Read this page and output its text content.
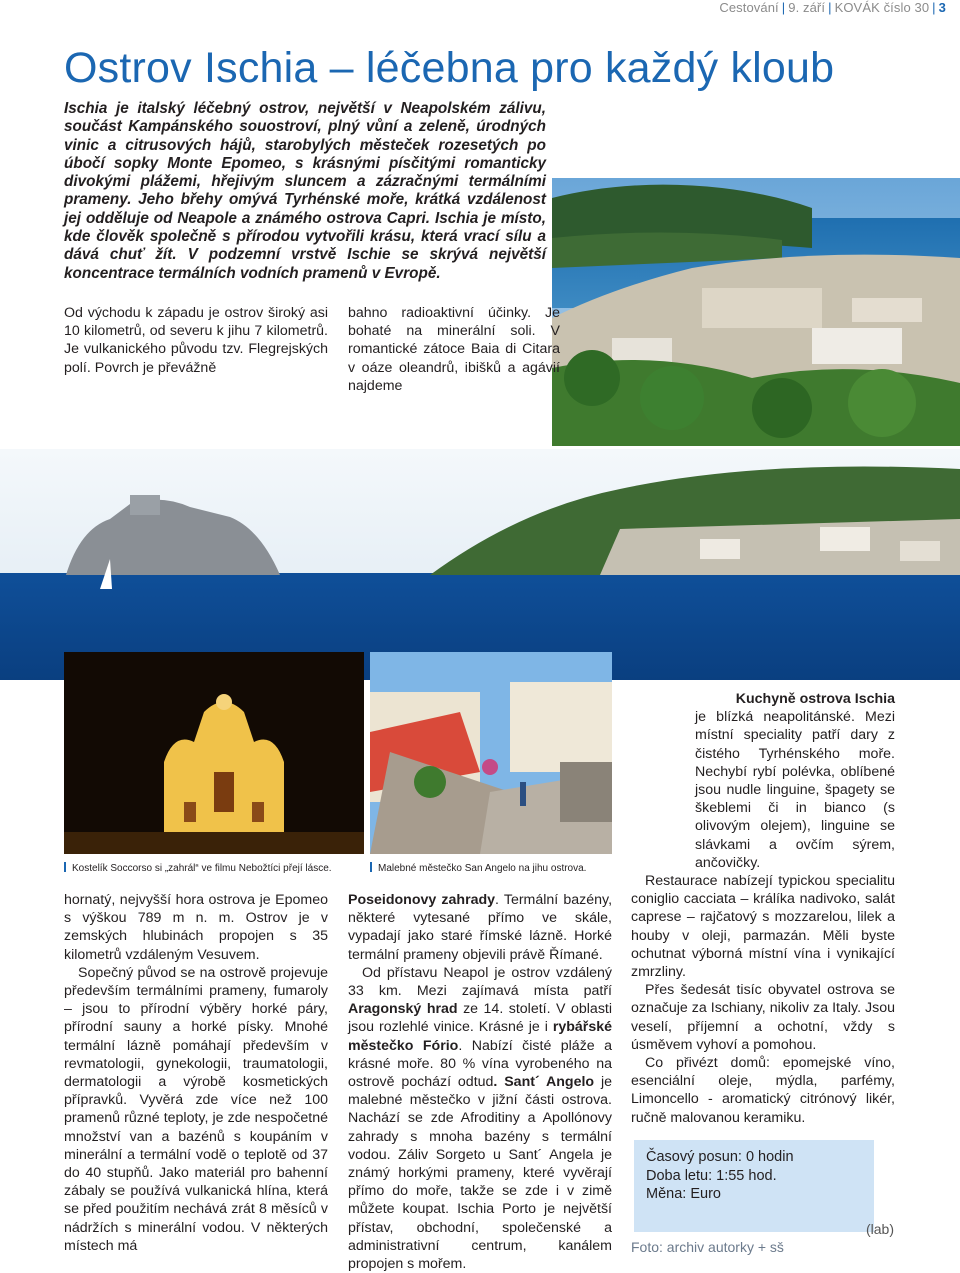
Cestování | 9. září | KOVÁK číslo 30 | 3
Ostrov Ischia – léčebna pro každý kloub

Ischia je italský léčebný ostrov, největší v Neapolském zálivu, součást Kampánského souostroví, plný vůní a zeleně, úrodných vinic a citrusových hájů, starobylých městeček rozesetých po úbočí sopky Monte Epomeo, s krásnými písčitými romanticky divokými plážemi, hřejivým sluncem a zázračnými termálními prameny. Jeho břehy omývá Tyrhénské moře, krátká vzdálenost jej odděluje od Neapole a známého ostrova Capri. Ischia je místo, kde člověk společně s přírodou vytvořili krásu, která vrací sílu a dává chuť žít. V podzemní vrstvě Ischie se skrývá největší koncentrace termálních vodních pramenů v Evropě.

Od východu k západu je ostrov široký asi 10 kilometrů, od severu k jihu 7 kilometrů. Je vulkanického původu tzv. Flegrejských polí. Povrch je převážně

bahno radioaktivní účinky. Je bohaté na minerální soli. V romantické zátoce Baia di Citara v oáze oleandrů, ibišků a agávií najdeme

Kostelík Soccorso si „zahrál“ ve filmu Nebožtíci přejí lásce.	Malebné městečko San Angelo na jihu ostrova.

hornatý, nejvyšší hora ostrova je Epomeo s výškou 789 m n. m. Ostrov je v zemských hlubinách propojen s 35 kilometrů vzdáleným Vesuvem.

Sopečný původ se na ostrově projevuje především termálními prameny, fumaroly – jsou to přírodní výběry horké páry, přírodní sauny a horké písky. Mnohé termální lázně pomáhají především v revmatologii, gynekologii, traumatologii, dermatologii a výrobě kosmetických přípravků. Vyvěrá zde více než 100 pramenů různé teploty, je zde nespočetné množství van a bazénů s koupáním v minerální a termální vodě o teplotě od 37 do 40 stupňů. Jako materiál pro bahenní zábaly se používá vulkanická hlína, která se před použitím nechává zrát 8 měsíců v nádržích s minerální vodou. V některých místech má

Poseidonovy zahrady. Termální bazény, některé vytesané přímo ve skále, vypadají jako staré římské lázně. Horké termální prameny objevili právě Římané.

Od přístavu Neapol je ostrov vzdálený 33 km. Mezi zajímavá místa patří Aragonský hrad ze 14. století. V oblasti jsou rozlehlé vinice. Krásné je i rybářské městečko Fório. Nabízí čisté pláže a krásné moře. 80 % vína vyrobeného na ostrově pochází odtud. Sant´ Angelo je malebné městečko v jižní části ostrova. Nachází se zde Afroditiny a Apollónovy zahrady s mnoha bazény s termální vodou. Záliv Sorgeto u Sant´ Angela je známý horkými prameny, které vyvěrají přímo do moře, takže se zde i v zimě můžete koupat. Ischia Porto je největší přístav, obchodní, společenské a administrativní centrum, kanálem propojen s mořem.

Kuchyně ostrova Ischia

je blízká neapolitánské. Mezi místní speciality patří dary z čistého Tyrhénského moře. Nechybí rybí polévka, oblíbené jsou nudle linguine, špagety se škeblemi či in bianco (s olivovým olejem), linguine se slávkami a ovčím sýrem, ančovičky.

Restaurace nabízejí typickou specialitu coniglio cacciata – králíka nadivoko, salát caprese – rajčatový s mozzarelou, lilek a houby v oleji, parmazán. Měli byste ochutnat výborná místní vína i vynikající zmrzliny.

Přes šedesát tisíc obyvatel ostrova se označuje za Ischiany, nikoliv za Italy. Jsou veselí, příjemní a ochotní, vždy s úsměvem vyhoví a pomohou.

Co přivézt domů: epomejské víno, esenciální oleje, mýdla, parfémy, Limoncello - aromatický citrónový likér, ručně malovanou keramiku.

Časový posun: 0 hodin
Doba letu: 1:55 hod.
Měna: Euro
(lab)
Foto: archiv autorky + sš
